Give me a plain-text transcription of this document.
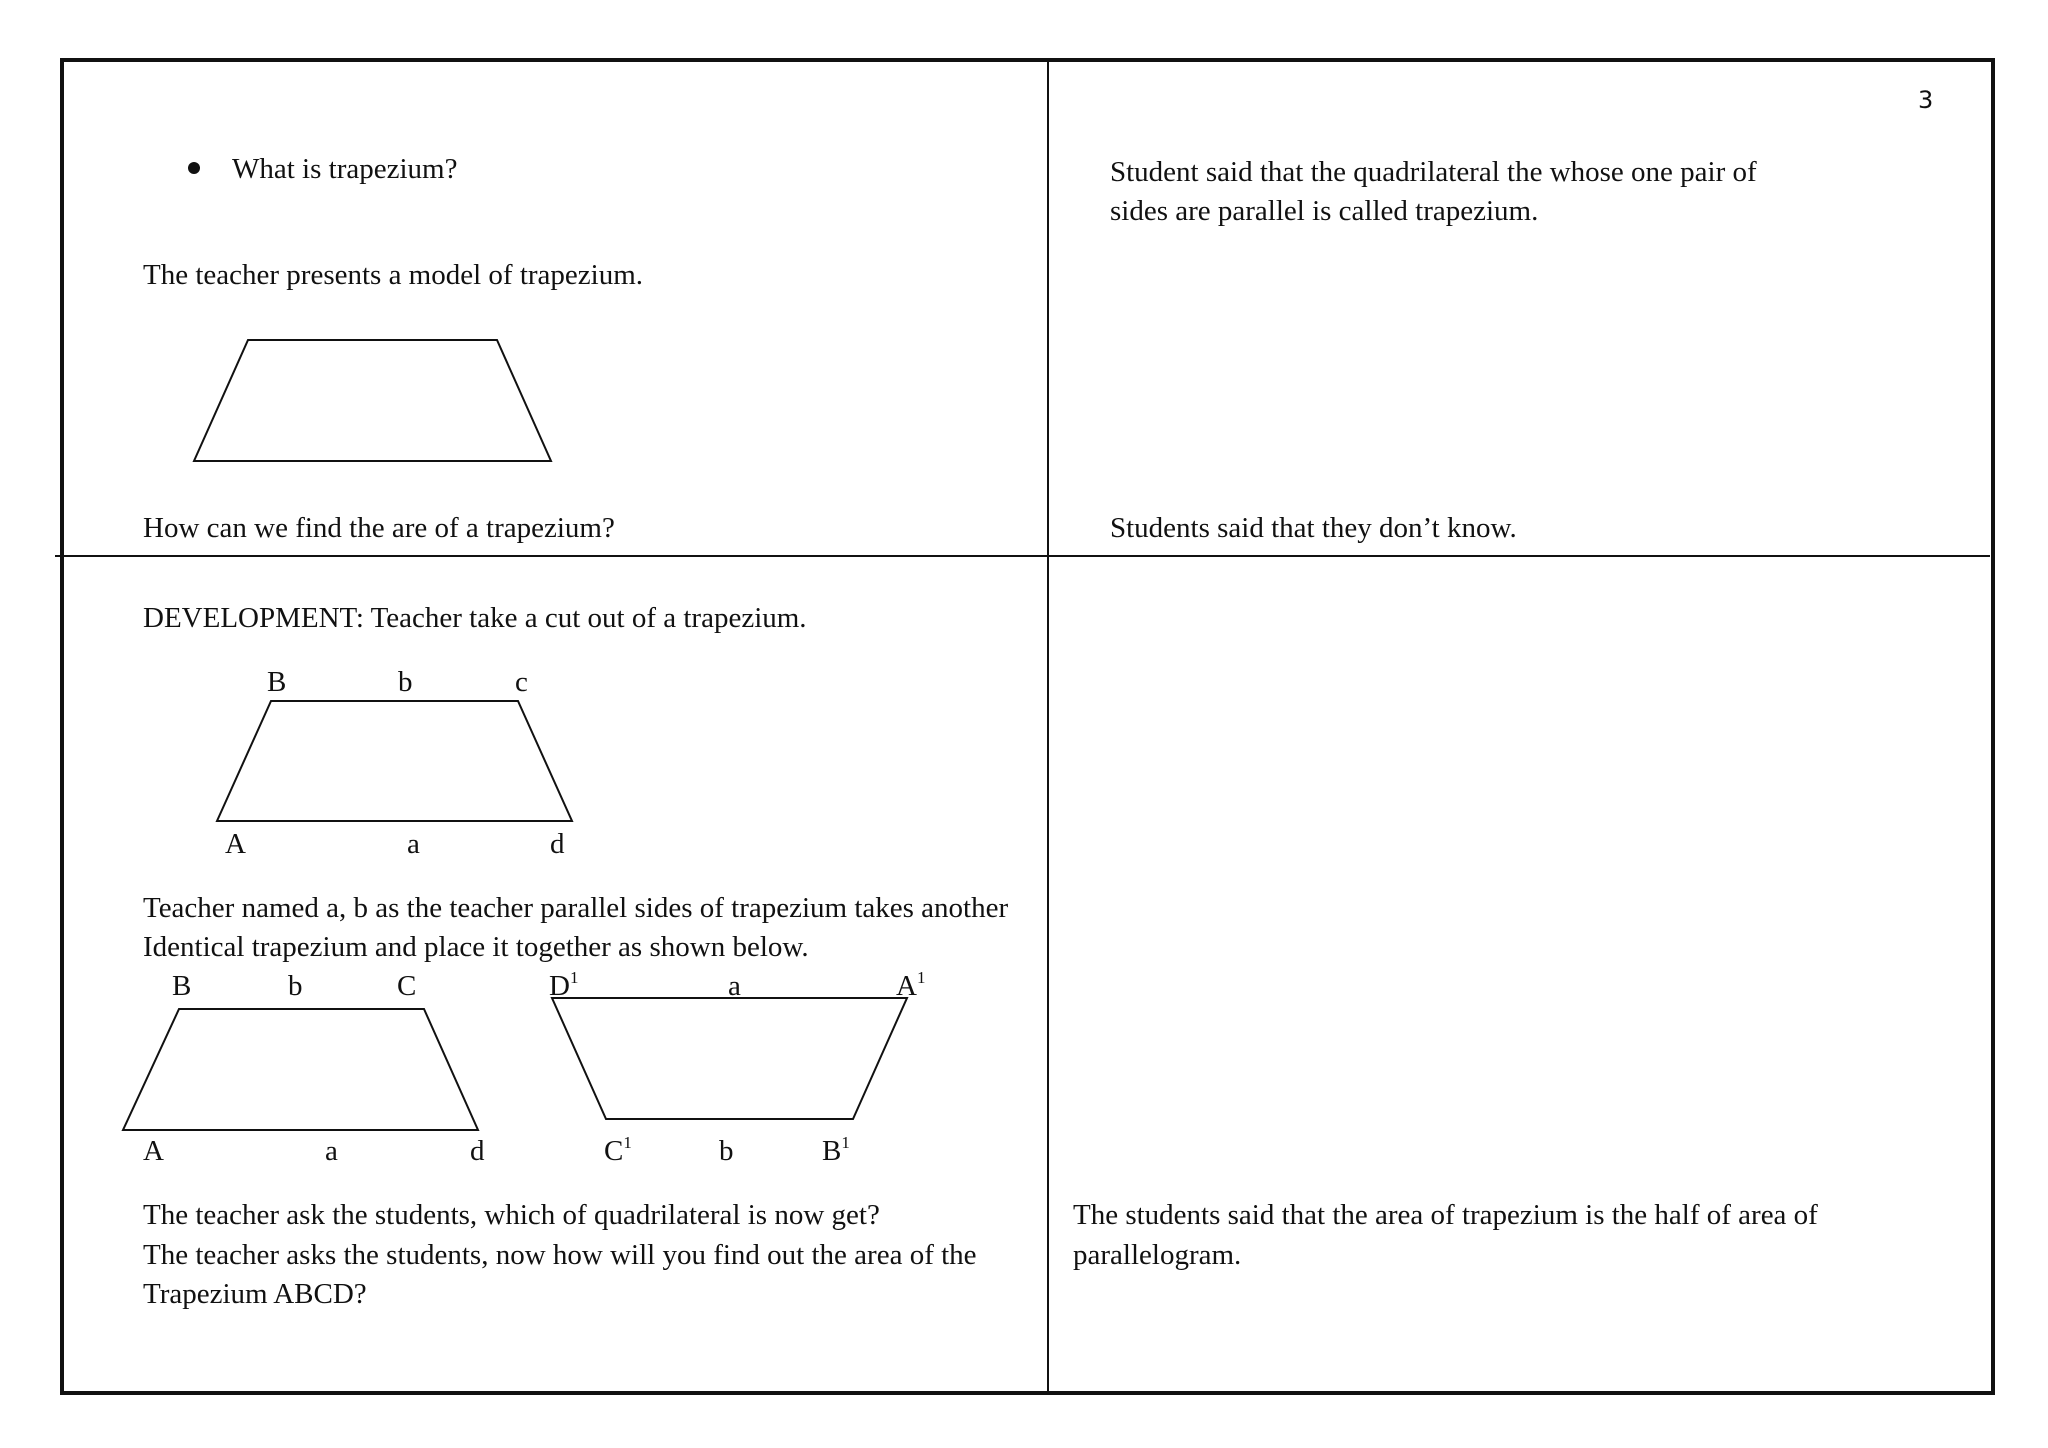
3
What is trapezium?
The teacher presents a model of trapezium.
How can we find the are of a trapezium?
Student said that the quadrilateral the whose one pair of
sides are parallel is called trapezium.
Students said that they don’t know.
DEVELOPMENT: Teacher take a cut out of a trapezium.
B	b	c
A	a	d
Teacher named a, b as the teacher parallel sides of trapezium takes another
Identical trapezium and place it together as shown below.
B	b	C
A	a	d
$D^1$	a	$A^1$
$C^1$	b	$B^1$
The teacher ask the students, which of quadrilateral is now get?
The teacher asks the students, now how will you find out the area of the
Trapezium ABCD?
The students said that the area of trapezium is the half of area of
parallelogram.
